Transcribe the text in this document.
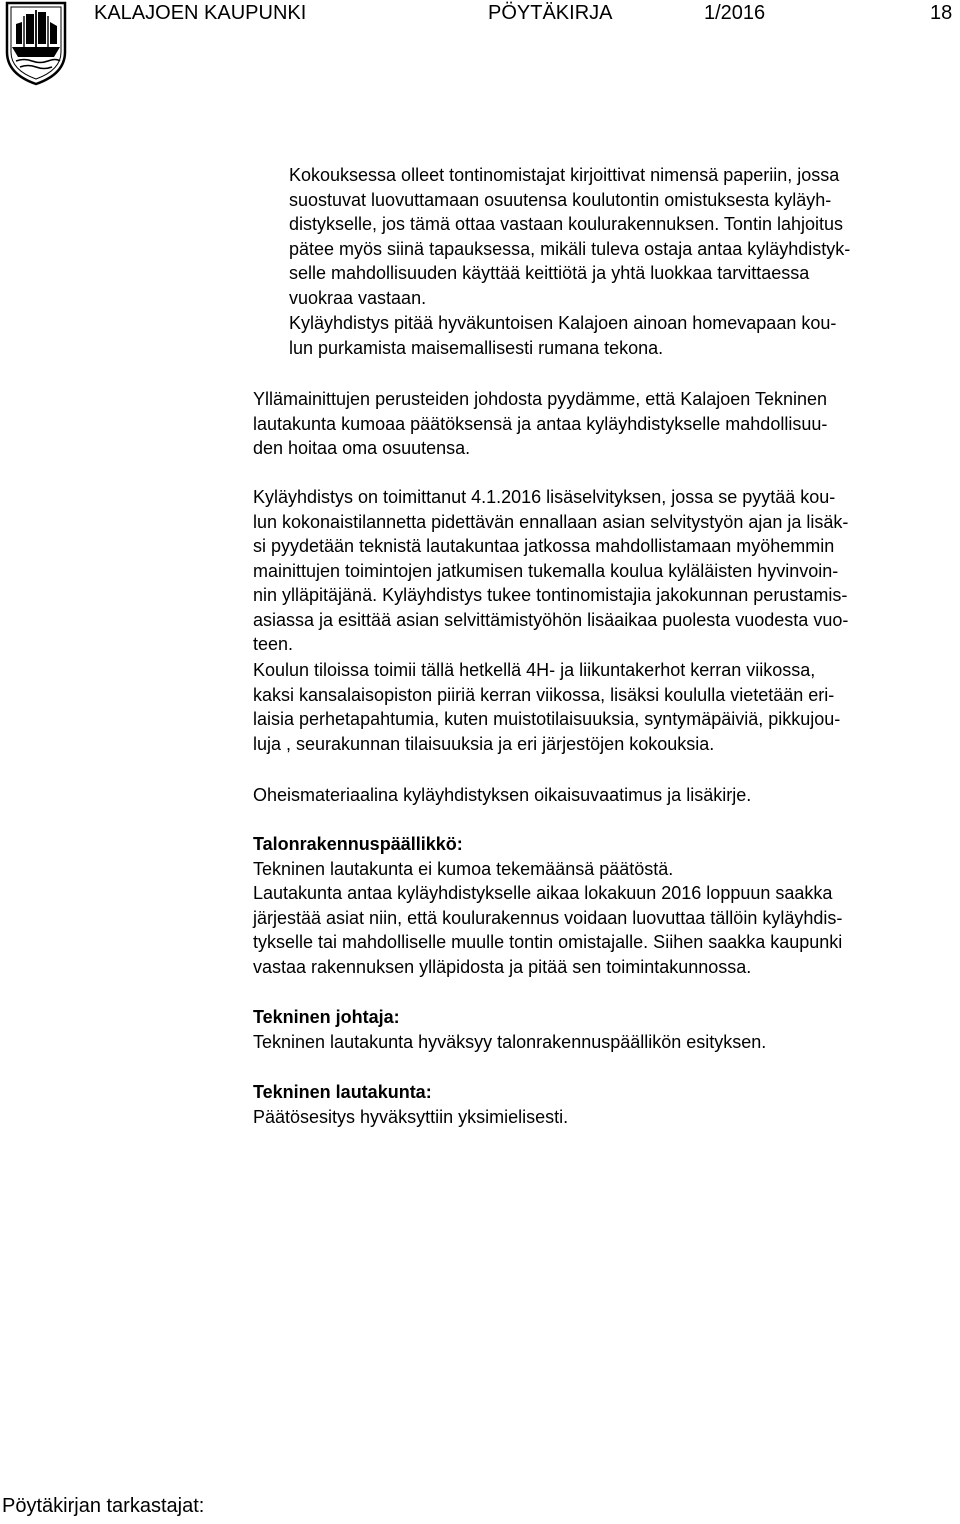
KALAJOEN KAUPUNKI	PÖYTÄKIRJA	1/2016	18

Kokouksessa olleet tontinomistajat kirjoittivat nimensä paperiin, jossa
suostuvat luovuttamaan osuutensa koulutontin omistuksesta kyläyh-
distykselle, jos tämä ottaa vastaan koulurakennuksen. Tontin lahjoitus
pätee myös siinä tapauksessa, mikäli tuleva ostaja antaa kyläyhdistyk-
selle mahdollisuuden käyttää keittiötä ja yhtä luokkaa tarvittaessa
vuokraa vastaan.

Kyläyhdistys pitää hyväkuntoisen Kalajoen ainoan homevapaan kou-
lun purkamista maisemallisesti rumana tekona.

Yllämainittujen perusteiden johdosta pyydämme, että Kalajoen Tekninen
lautakunta kumoaa päätöksensä ja antaa kyläyhdistykselle mahdollisuu-
den hoitaa oma osuutensa.

Kyläyhdistys on toimittanut 4.1.2016 lisäselvityksen, jossa se pyytää kou-
lun kokonaistilannetta pidettävän ennallaan asian selvitystyön ajan ja lisäk-
si pyydetään teknistä lautakuntaa jatkossa mahdollistamaan myöhemmin
mainittujen toimintojen jatkumisen tukemalla koulua kyläläisten hyvinvoin-
nin ylläpitäjänä. Kyläyhdistys tukee tontinomistajia jakokunnan perustamis-
asiassa ja esittää asian selvittämistyöhön lisäaikaa puolesta vuodesta vuo-
teen.

Koulun tiloissa toimii tällä hetkellä 4H- ja liikuntakerhot kerran viikossa,
kaksi kansalaisopiston piiriä kerran viikossa, lisäksi koululla vietetään eri-
laisia perhetapahtumia, kuten muistotilaisuuksia, syntymäpäiviä, pikkujou-
luja , seurakunnan tilaisuuksia ja eri järjestöjen kokouksia.

Oheismateriaalina kyläyhdistyksen oikaisuvaatimus ja lisäkirje.

Talonrakennuspäällikkö:

Tekninen lautakunta ei kumoa tekemäänsä päätöstä.

Lautakunta antaa kyläyhdistykselle aikaa lokakuun 2016 loppuun saakka
järjestää asiat niin, että koulurakennus voidaan luovuttaa tällöin kyläyhdis-
tykselle tai mahdolliselle muulle tontin omistajalle. Siihen saakka kaupunki
vastaa rakennuksen ylläpidosta ja pitää sen toimintakunnossa.

Tekninen johtaja:

Tekninen lautakunta hyväksyy talonrakennuspäällikön esityksen.

Tekninen lautakunta:

Päätösesitys hyväksyttiin yksimielisesti.

Pöytäkirjan tarkastajat:
